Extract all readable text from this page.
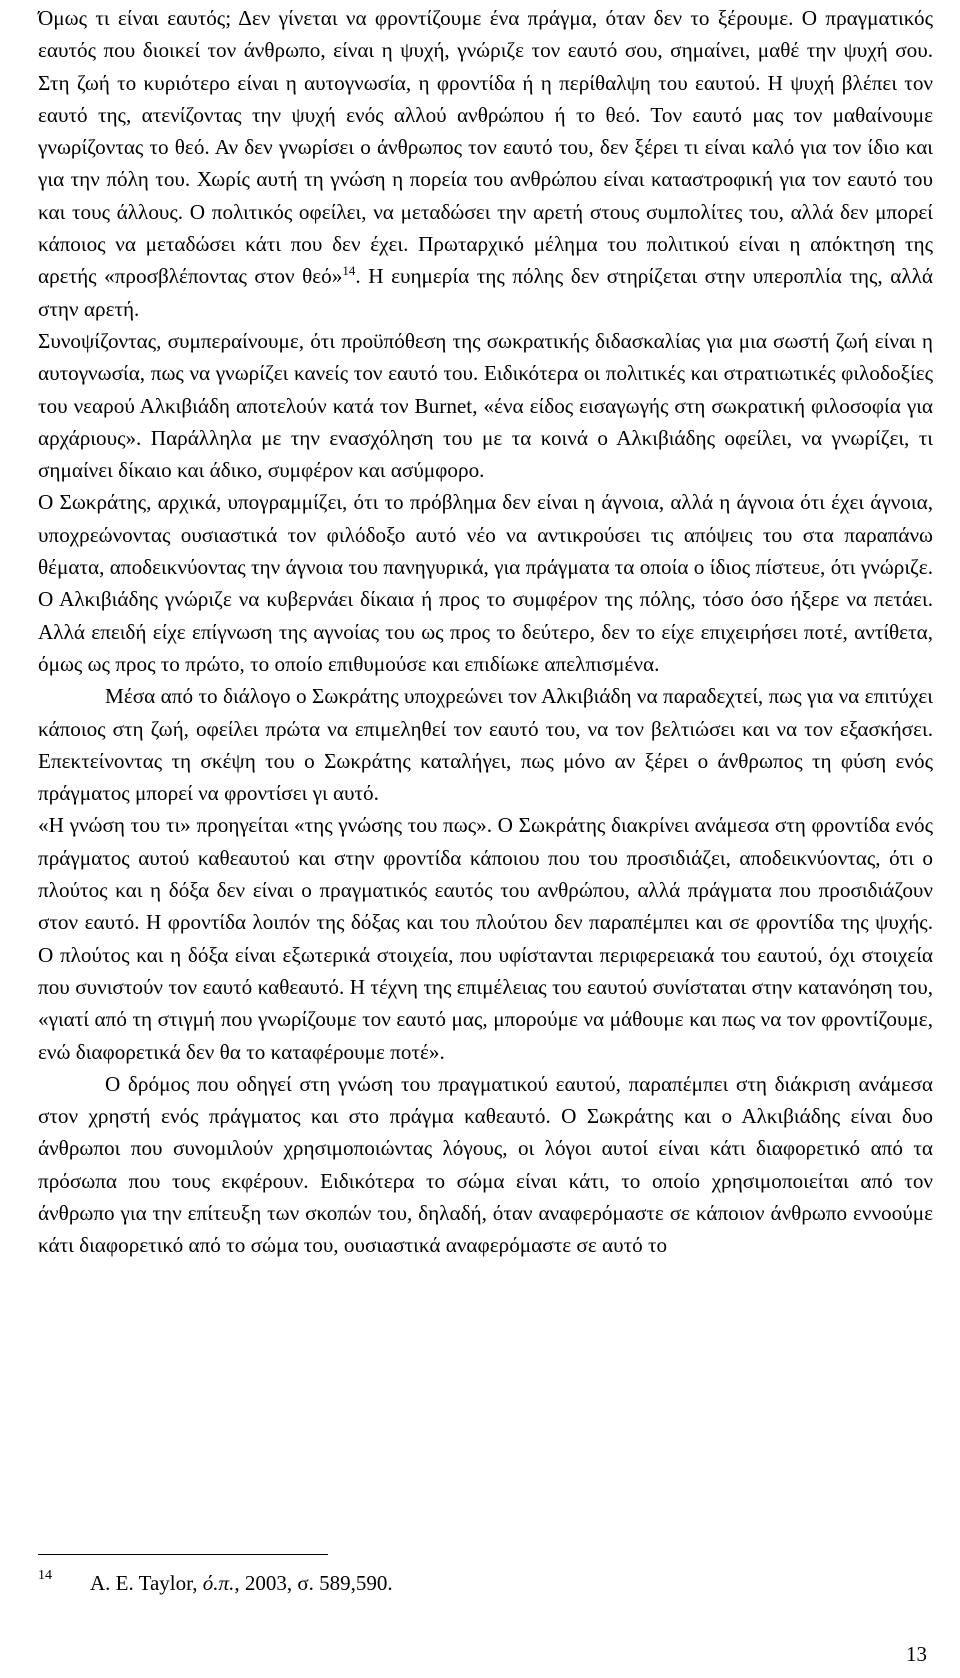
Όμως τι είναι εαυτός; Δεν γίνεται να φροντίζουμε ένα πράγμα, όταν δεν το ξέρουμε. Ο πραγματικός εαυτός που διοικεί τον άνθρωπο, είναι η ψυχή, γνώριζε τον εαυτό σου, σημαίνει, μαθέ την ψυχή σου. Στη ζωή το κυριότερο είναι η αυτογνωσία, η φροντίδα ή η περίθαλψη του εαυτού. Η ψυχή βλέπει τον εαυτό της, ατενίζοντας την ψυχή ενός αλλού ανθρώπου ή το θεό. Τον εαυτό μας τον μαθαίνουμε γνωρίζοντας το θεό. Αν δεν γνωρίσει ο άνθρωπος τον εαυτό του, δεν ξέρει τι είναι καλό για τον ίδιο και για την πόλη του. Χωρίς αυτή τη γνώση η πορεία του ανθρώπου είναι καταστροφική για τον εαυτό του και τους άλλους. Ο πολιτικός οφείλει, να μεταδώσει την αρετή στους συμπολίτες του, αλλά δεν μπορεί κάποιος να μεταδώσει κάτι που δεν έχει. Πρωταρχικό μέλημα του πολιτικού είναι η απόκτηση της αρετής «προσβλέποντας στον θεό»$^{14}$. Η ευημερία της πόλης δεν στηρίζεται στην υπεροπλία της, αλλά στην αρετή.

Συνοψίζοντας, συμπεραίνουμε, ότι προϋπόθεση της σωκρατικής διδασκαλίας για μια σωστή ζωή είναι η αυτογνωσία, πως να γνωρίζει κανείς τον εαυτό του. Ειδικότερα οι πολιτικές και στρατιωτικές φιλοδοξίες του νεαρού Αλκιβιάδη αποτελούν κατά τον Burnet, «ένα είδος εισαγωγής στη σωκρατική φιλοσοφία για αρχάριους». Παράλληλα με την ενασχόληση του με τα κοινά ο Αλκιβιάδης οφείλει, να γνωρίζει, τι σημαίνει δίκαιο και άδικο, συμφέρον και ασύμφορο.

Ο Σωκράτης, αρχικά, υπογραμμίζει, ότι το πρόβλημα δεν είναι η άγνοια, αλλά η άγνοια ότι έχει άγνοια, υποχρεώνοντας ουσιαστικά τον φιλόδοξο αυτό νέο να αντικρούσει τις απόψεις του στα παραπάνω θέματα, αποδεικνύοντας την άγνοια του πανηγυρικά, για πράγματα τα οποία ο ίδιος πίστευε, ότι γνώριζε. Ο Αλκιβιάδης γνώριζε να κυβερνάει δίκαια ή προς το συμφέρον της πόλης, τόσο όσο ήξερε να πετάει. Αλλά επειδή είχε επίγνωση της αγνοίας του ως προς το δεύτερο, δεν το είχε επιχειρήσει ποτέ, αντίθετα, όμως ως προς το πρώτο, το οποίο επιθυμούσε και επιδίωκε απελπισμένα.

Μέσα από το διάλογο ο Σωκράτης υποχρεώνει τον Αλκιβιάδη να παραδεχτεί, πως για να επιτύχει κάποιος στη ζωή, οφείλει πρώτα να επιμεληθεί τον εαυτό του, να τον βελτιώσει και να τον εξασκήσει. Επεκτείνοντας τη σκέψη του ο Σωκράτης καταλήγει, πως μόνο αν ξέρει ο άνθρωπος τη φύση ενός πράγματος μπορεί να φροντίσει γι αυτό.

«Η γνώση του τι» προηγείται «της γνώσης του πως». Ο Σωκράτης διακρίνει ανάμεσα στη φροντίδα ενός πράγματος αυτού καθεαυτού και στην φροντίδα κάποιου που του προσιδιάζει, αποδεικνύοντας, ότι ο πλούτος και η δόξα δεν είναι ο πραγματικός εαυτός του ανθρώπου, αλλά πράγματα που προσιδιάζουν στον εαυτό. Η φροντίδα λοιπόν της δόξας και του πλούτου δεν παραπέμπει και σε φροντίδα της ψυχής. Ο πλούτος και η δόξα είναι εξωτερικά στοιχεία, που υφίστανται περιφερειακά του εαυτού, όχι στοιχεία που συνιστούν τον εαυτό καθεαυτό. Η τέχνη της επιμέλειας του εαυτού συνίσταται στην κατανόηση του, «γιατί από τη στιγμή που γνωρίζουμε τον εαυτό μας, μπορούμε να μάθουμε και πως να τον φροντίζουμε, ενώ διαφορετικά δεν θα το καταφέρουμε ποτέ».

Ο δρόμος που οδηγεί στη γνώση του πραγματικού εαυτού, παραπέμπει στη διάκριση ανάμεσα στον χρηστή ενός πράγματος και στο πράγμα καθεαυτό. Ο Σωκράτης και ο Αλκιβιάδης είναι δυο άνθρωποι που συνομιλούν χρησιμοποιώντας λόγους, οι λόγοι αυτοί είναι κάτι διαφορετικό από τα πρόσωπα που τους εκφέρουν. Ειδικότερα το σώμα είναι κάτι, το οποίο χρησιμοποιείται από τον άνθρωπο για την επίτευξη των σκοπών του, δηλαδή, όταν αναφερόμαστε σε κάποιον άνθρωπο εννοούμε κάτι διαφορετικό από το σώμα του, ουσιαστικά αναφερόμαστε σε αυτό το

14 A. E. Taylor, ό.π., 2003, σ. 589,590.
13
